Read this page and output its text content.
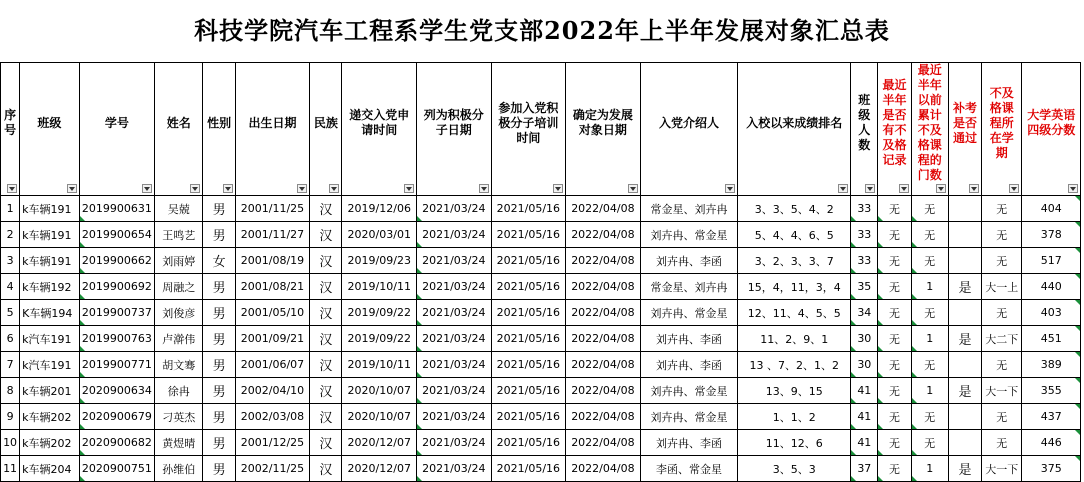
科技学院汽车工程系学生党支部2022年上半年发展对象汇总表
序号	班级	学号	姓名	性别	出生日期	民族	递交入党申请时间	列为积极分子日期	参加入党积极分子培训时间	确定为发展对象日期	入党介绍人	入校以来成绩排名	班级人数	最近半年是否有不及格记录	最近半年以前累计不及格课程的门数	补考是否通过	不及格课程所在学期	大学英语四级分数

1	k车辆191	2019900631	吴兢	男	2001/11/25	汉	2019/12/06	2021/03/24	2021/05/16	2022/04/08	常金星、刘卉冉	3、3、5、4、2	33	无	无		无	404
2	k车辆191	2019900654	王鸣艺	男	2001/11/27	汉	2020/03/01	2021/03/24	2021/05/16	2022/04/08	刘卉冉、常金星	5、4、4、6、5	33	无	无		无	378
3	k车辆191	2019900662	刘雨婷	女	2001/08/19	汉	2019/09/23	2021/03/24	2021/05/16	2022/04/08	刘卉冉、李函	3、2、3、3、7	33	无	无		无	517
4	k车辆192	2019900692	周融之	男	2001/08/21	汉	2019/10/11	2021/03/24	2021/05/16	2022/04/08	常金星、刘卉冉	15，4，11，3，4	35	无	1	是	大一上	440
5	K车辆194	2019900737	刘俊彦	男	2001/05/10	汉	2019/09/22	2021/03/24	2021/05/16	2022/04/08	刘卉冉、常金星	12、11、4、5、5	34	无	无		无	403
6	k汽车191	2019900763	卢澣伟	男	2001/09/21	汉	2019/09/22	2021/03/24	2021/05/16	2022/04/08	刘卉冉、李函	11、2、9、1	30	无	1	是	大二下	451
7	k汽车191	2019900771	胡文骞	男	2001/06/07	汉	2019/10/11	2021/03/24	2021/05/16	2022/04/08	刘卉冉、李函	13 、7、2、1、2	30	无	无		无	389
8	k车辆201	2020900634	徐冉	男	2002/04/10	汉	2020/10/07	2021/03/24	2021/05/16	2022/04/08	刘卉冉、常金星	13、9、15	41	无	1	是	大一下	355
9	k车辆202	2020900679	刁英杰	男	2002/03/08	汉	2020/10/07	2021/03/24	2021/05/16	2022/04/08	刘卉冉、常金星	1、1、2	41	无	无		无	437
10	k车辆202	2020900682	黄煜晴	男	2001/12/25	汉	2020/12/07	2021/03/24	2021/05/16	2022/04/08	刘卉冉、李函	11、12、6	41	无	无		无	446
11	k车辆204	2020900751	孙维伯	男	2002/11/25	汉	2020/12/07	2021/03/24	2021/05/16	2022/04/08	李函、常金星	3、5、3	37	无	1	是	大一下	375
